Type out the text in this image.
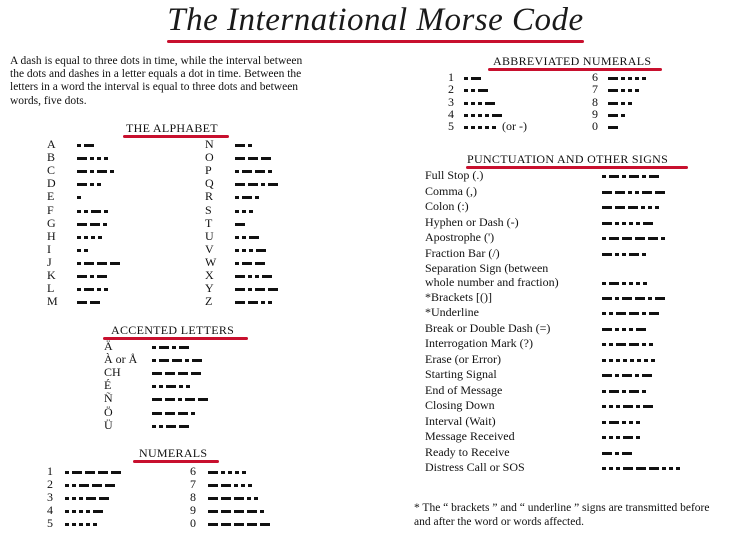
The International Morse Code
A dash is equal to three dots in time, while the interval between
the dots and dashes in a letter equals a dot in time. Between the
letters in a word the interval is equal to three dots and between
words, five dots.
THE ALPHABET
ACCENTED LETTERS
NUMERALS
ABBREVIATED NUMERALS
PUNCTUATION AND OTHER SIGNS
* The “ brackets ” and “ underline ” signs are transmitted before
and after the word or words affected.
A
B
C
D
E
F
G
H
I
J
K
L
M
N
O
P
Q
R
S
T
U
V
W
X
Y
Z
Ä
À or Å
CH
É
Ñ
Ö
Ü
1
2
3
4
5
6
7
8
9
0
1
2
3
4
5	(or -)
6
7
8
9
0
Full Stop (.)
Comma (,)
Colon (:)
Hyphen or Dash (-)
Apostrophe (')
Fraction Bar (/)
Separation Sign (between
whole number and fraction)
*Brackets [()]
*Underline
Break or Double Dash (=)
Interrogation Mark (?)
Erase (or Error)
Starting Signal
End of Message
Closing Down
Interval (Wait)
Message Received
Ready to Receive
Distress Call or SOS
